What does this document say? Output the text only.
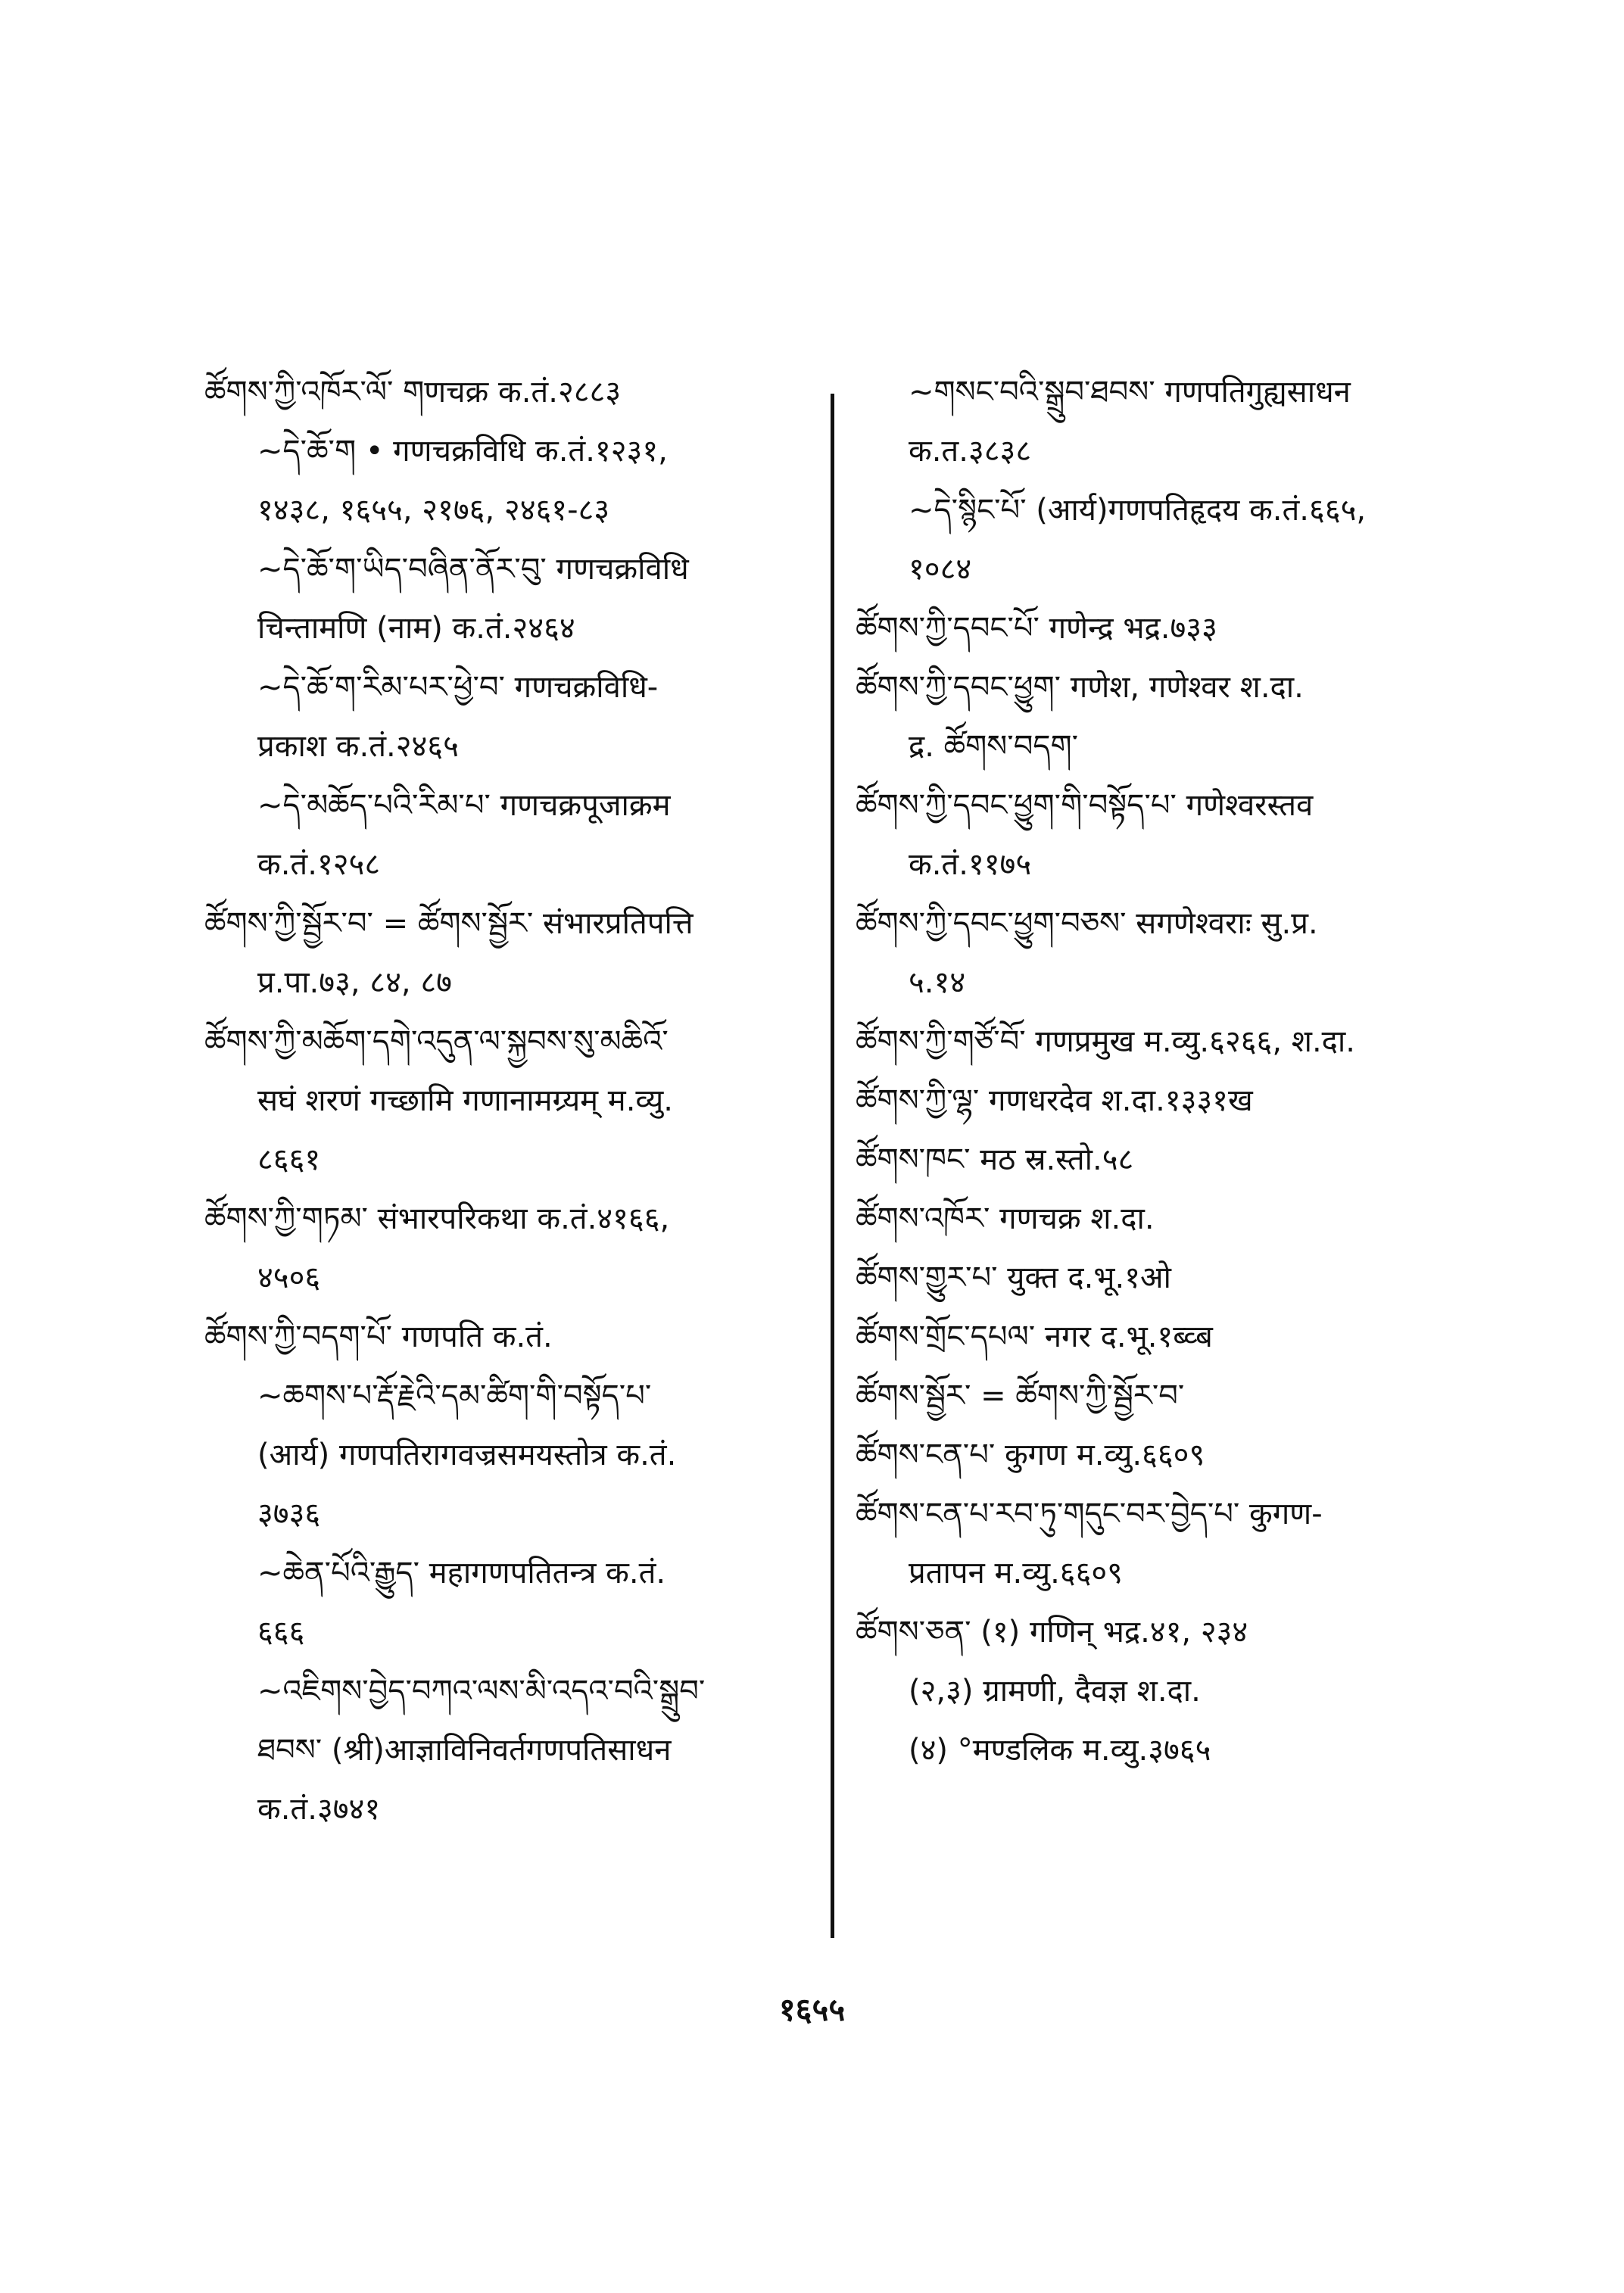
ཚོགས་ཀྱི་འཁོར་ལོ་ གणचक्र क.तं.२८८३
~དེ་ཆོ་ག • गणचक्रविधि क.तं.१२३१,
१४३८, १६५५, २१७६, २४६१-८३
~དེ་ཆོ་ག་ཡིད་བཞིན་ནོར་བུ་ गणचक्रविधि
चिन्तामणि (नाम) क.तं.२४६४
~དེ་ཆོ་ག་རིམ་པར་ཕྱེ་བ་ गणचक्रविधि-
प्रकाश क.तं.२४६५
~དེ་མཆོད་པའི་རིམ་པ་ गणचक्रपूजाक्रम
क.तं.१२५८
ཚོགས་ཀྱི་སྦྱོར་བ་ = ཚོགས་སྦྱོར་ संभारप्रतिपत्ति
प्र.पा.७३, ८४, ८७
ཚོགས་ཀྱི་མཆོག་དགེ་འདུན་ལ་སྐྱབས་སུ་མཆིའོ་
सघं शरणं गच्छामि गणानामग्र्यम् म.व्यु.
८६६१
ཚོགས་ཀྱི་གཏམ་ संभारपरिकथा क.तं.४१६६,
४५०६
ཚོགས་ཀྱི་བདག་པོ་ गणपति क.तं.
~ཆགས་པ་རྡོ་རྗེའི་དམ་ཚིག་གི་བསྟོད་པ་
(आर्य) गणपतिरागवज्रसमयस्तोत्र क.तं.
३७३६
~ཆེན་པོའི་རྒྱུད་ महागणपतितन्त्र क.तं.
६६६
~འཇིགས་བྱེད་བཀའ་ལས་མི་འདའ་བའི་སྒྲུབ་
ཐབས་ (श्री)आज्ञाविनिवर्तगणपतिसाधन
क.तं.३७४१
~གསང་བའི་སྒྲུབ་ཐབས་ गणपतिगुह्यसाधन
क.त.३८३८
~དེ་སྙིང་པོ་ (आर्य)गणपतिहृदय क.तं.६६५,
१०८४
ཚོགས་ཀྱི་དབང་པོ་ गणेन्द्र भद्र.७३३
ཚོགས་ཀྱི་དབང་ཕྱུག་ गणेश, गणेश्वर श.दा.
द्र. ཚོགས་བདག་
ཚོགས་ཀྱི་དབང་ཕྱུག་གི་བསྟོད་པ་ गणेश्वरस्तव
क.तं.११७५
ཚོགས་ཀྱི་དབང་ཕྱུག་བཅས་ सगणेश्वराः सु.प्र.
५.१४
ཚོགས་ཀྱི་གཙོ་བོ་ गणप्रमुख म.व्यु.६२६६, श.दा.
ཚོགས་ཀྱི་ལྷ་ गणधरदेव श.दा.१३३१ख
ཚོགས་ཁང་ मठ स्र.स्तो.५८
ཚོགས་འཁོར་ गणचक्र श.दा.
ཚོགས་གྱུར་པ་ युक्त द.भू.१ओ
ཚོགས་གྲོང་དཔལ་ नगर द.भू.१ब्व्ब
ཚོགས་སྦྱོར་ = ཚོགས་ཀྱི་སྦྱོར་བ་
ཚོགས་ངན་པ་ कुगण म.व्यु.६६०९
ཚོགས་ངན་པ་རབ་ཏུ་གདུང་བར་བྱེད་པ་ कुगण-
प्रतापन म.व्यु.६६०९
ཚོགས་ཅན་ (१) गणिन् भद्र.४१, २३४
(२,३) ग्रामणी, दैवज्ञ श.दा.
(४) °मण्डलिक म.व्यु.३७६५
१६५५
